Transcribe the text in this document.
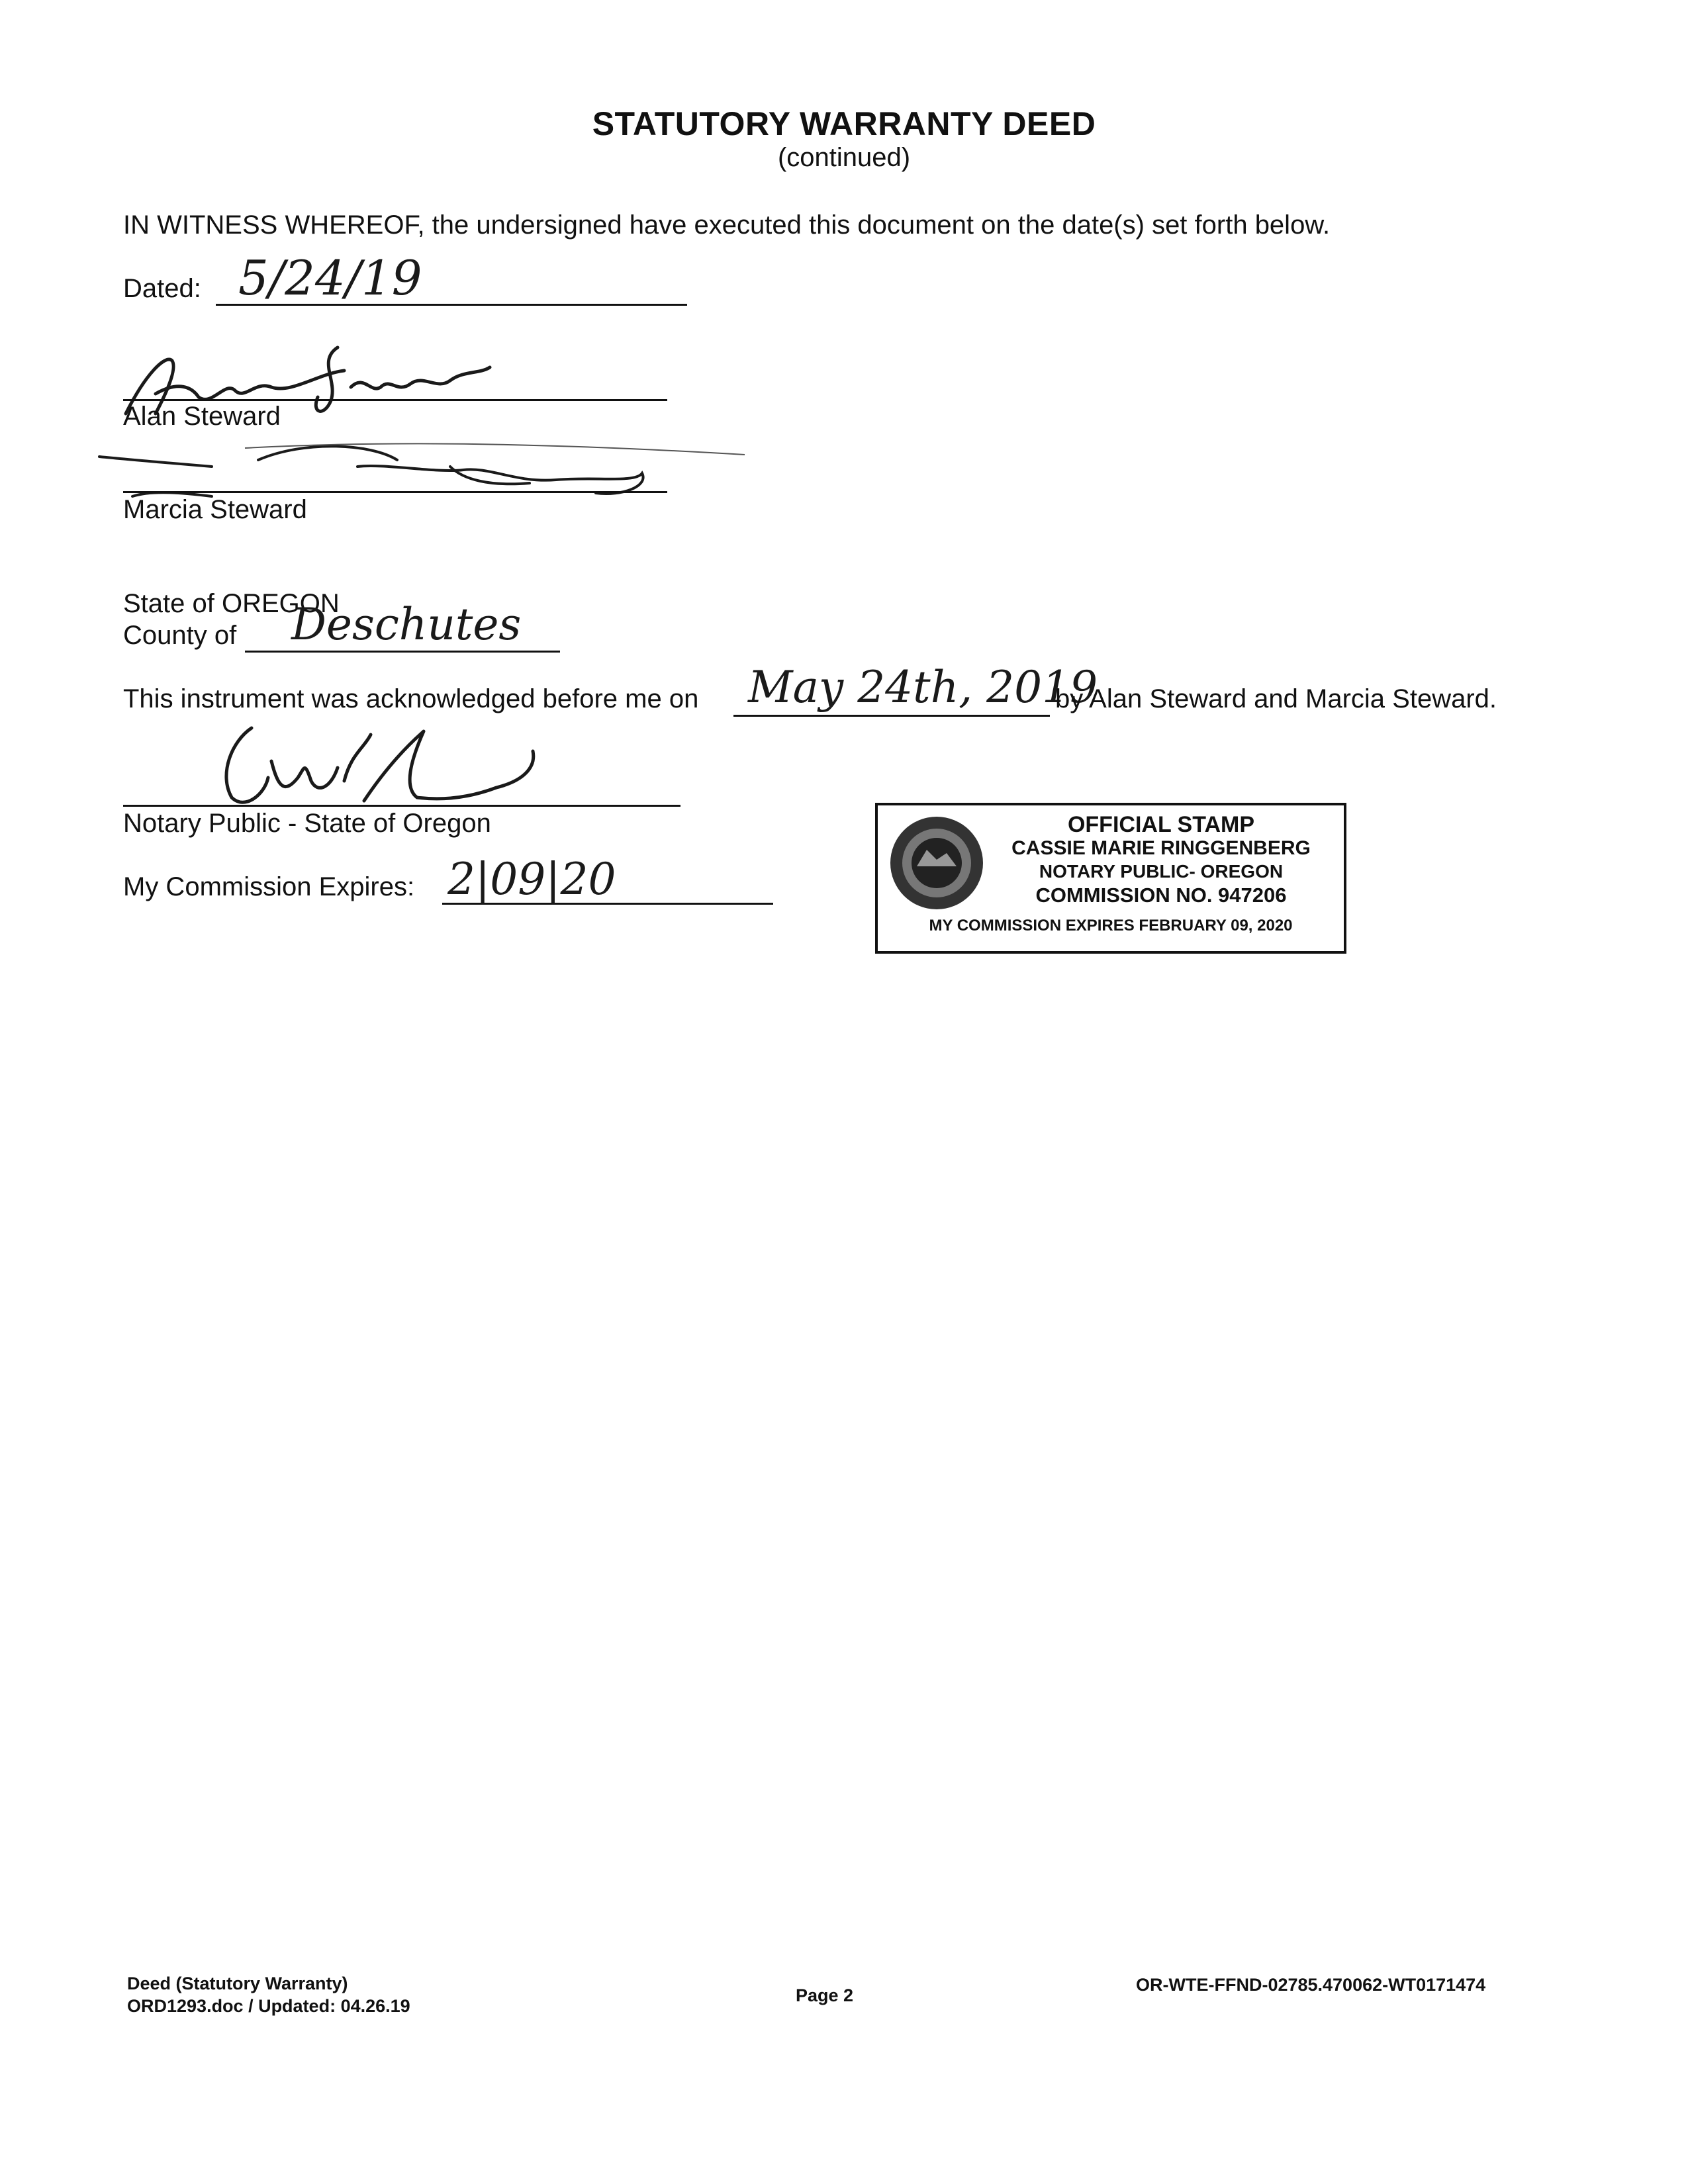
STATUTORY WARRANTY DEED
(continued)
IN WITNESS WHEREOF, the undersigned have executed this document on the date(s) set forth below.
Dated: 5/24/19
Alan Steward
Marcia Steward
State of OREGON
County of Deschutes
This instrument was acknowledged before me on May 24th, 2019
by Alan Steward and Marcia Steward.
Notary Public - State of Oregon
My Commission Expires: 2|09|20
OFFICIAL STAMP
CASSIE MARIE RINGGENBERG
NOTARY PUBLIC- OREGON
COMMISSION NO. 947206
MY COMMISSION EXPIRES FEBRUARY 09, 2020
Deed (Statutory Warranty)
ORD1293.doc / Updated: 04.26.19
Page 2
OR-WTE-FFND-02785.470062-WT0171474
